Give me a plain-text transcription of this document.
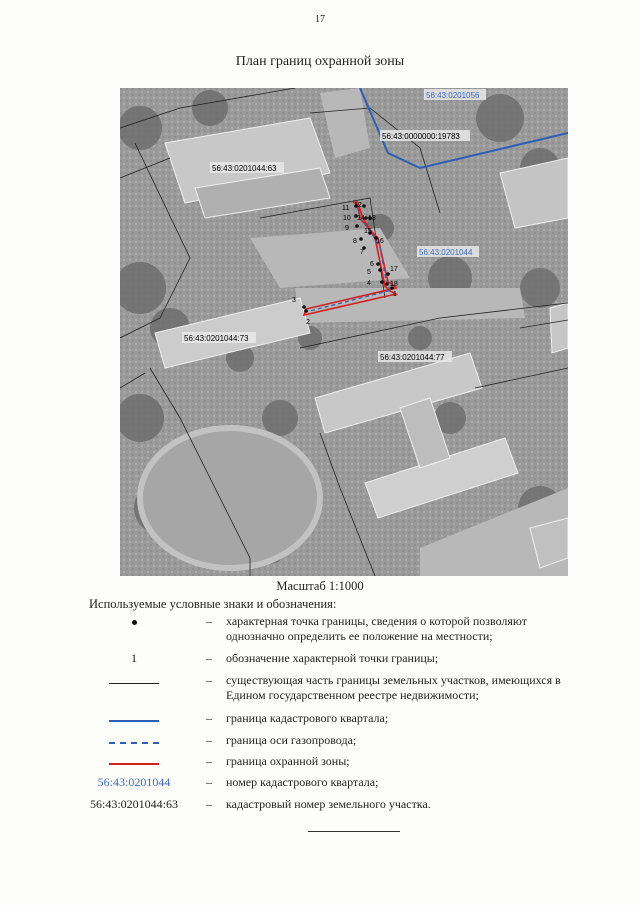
17
План границ охранной зоны
1
2
3
4
5
6
7
8
9
10
11 12
13
14
15
16
17
18
56:43:0000000:19783
56:43:0201044:63
56:43:0201044:73
56:43:0201044:77
56:43:0201056
56:43:0201044
Масштаб 1:1000
Используемые условные знаки и обозначения:
– характерная точка границы, сведения о которой позволяют однозначно определить ее положение на местности;
1	– обозначение характерной точки границы;
– существующая часть границы земельных участков, имеющихся в Едином государственном реестре недвижимости;
– граница кадастрового квартала;
– граница оси газопровода;
– граница охранной зоны;
56:43:0201044	– номер кадастрового квартала;
56:43:0201044:63	– кадастровый номер земельного участка.
